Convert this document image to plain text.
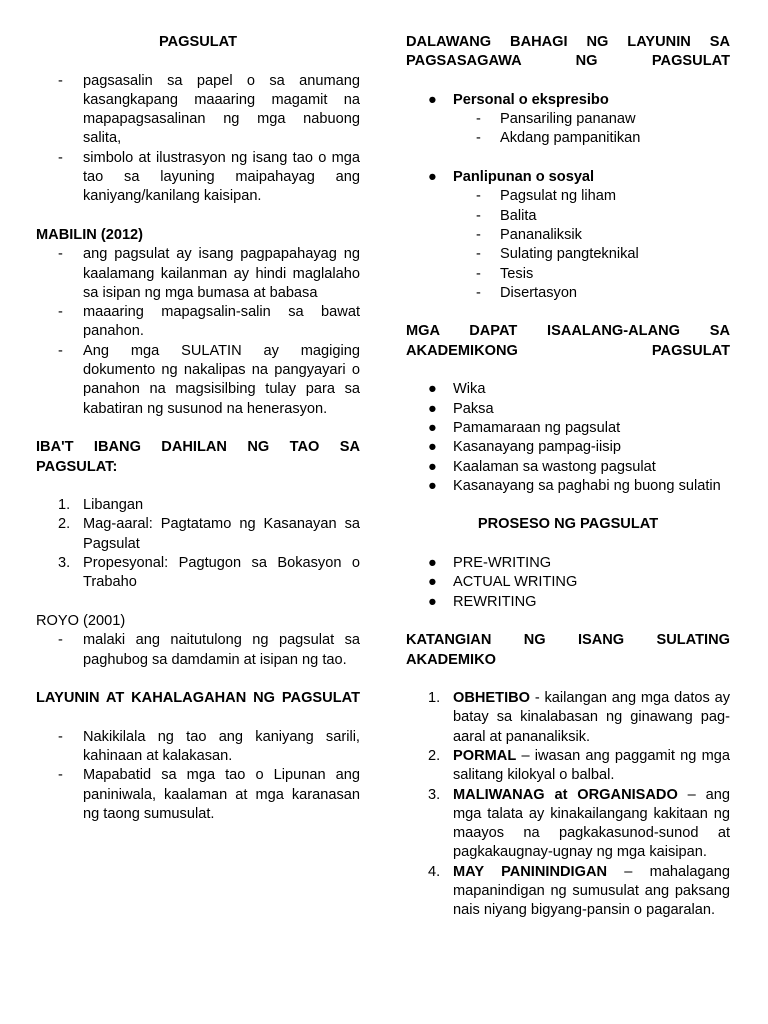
PAGSULAT

- pagsasalin sa papel o sa anumang kasangkapang maaaring magamit na mapapagsasalinan ng mga nabuong salita,
- simbolo at ilustrasyon ng isang tao o mga tao sa layuning maipahayag ang kaniyang/kanilang kaisipan.

MABILIN (2012)

- ang pagsulat ay isang pagpapahayag ng kaalamang kailanman ay hindi maglalaho sa isipan ng mga bumasa at babasa
- maaaring mapagsalin-salin sa bawat panahon.
- Ang mga SULATIN ay magiging dokumento ng nakalipas na pangyayari o panahon na magsisilbing tulay para sa kabatiran ng susunod na henerasyon.

IBA'T IBANG DAHILAN NG TAO SA PAGSULAT:

1. Libangan
2. Mag-aaral: Pagtatamo ng Kasanayan sa Pagsulat
3. Propesyonal: Pagtugon sa Bokasyon o Trabaho

ROYO (2001)

- malaki ang naitutulong ng pagsulat sa paghubog sa damdamin at isipan ng tao.

LAYUNIN AT KAHALAGAHAN NG PAGSULAT

- Nakikilala ng tao ang kaniyang sarili, kahinaan at kalakasan.
- Mapabatid sa mga tao o Lipunan ang paniniwala, kaalaman at mga karanasan ng taong sumusulat.

DALAWANG BAHAGI NG LAYUNIN SA PAGSASAGAWA NG PAGSULAT

● Personal o ekspresibo
- Pansariling pananaw
- Akdang pampanitikan
● Panlipunan o sosyal
- Pagsulat ng liham
- Balita
- Pananaliksik
- Sulating pangteknikal
- Tesis
- Disertasyon

MGA DAPAT ISAALANG-ALANG SA AKADEMIKONG PAGSULAT

● Wika
● Paksa
● Pamamaraan ng pagsulat
● Kasanayang pampag-iisip
● Kaalaman sa wastong pagsulat
● Kasanayang sa paghabi ng buong sulatin

PROSESO NG PAGSULAT

● PRE-WRITING
● ACTUAL WRITING
● REWRITING

KATANGIAN NG ISANG SULATING AKADEMIKO

1. OBHETIBO - kailangan ang mga datos ay batay sa kinalabasan ng ginawang pag-aaral at pananaliksik.
2. PORMAL – iwasan ang paggamit ng mga salitang kilokyal o balbal.
3. MALIWANAG at ORGANISADO – ang mga talata ay kinakailangang kakitaan ng maayos na pagkakasunod-sunod at pagkakaugnay-ugnay ng mga kaisipan.
4. MAY PANININDIGAN – mahalagang mapanindigan ng sumusulat ang paksang nais niyang bigyang-pansin o pagaralan.
